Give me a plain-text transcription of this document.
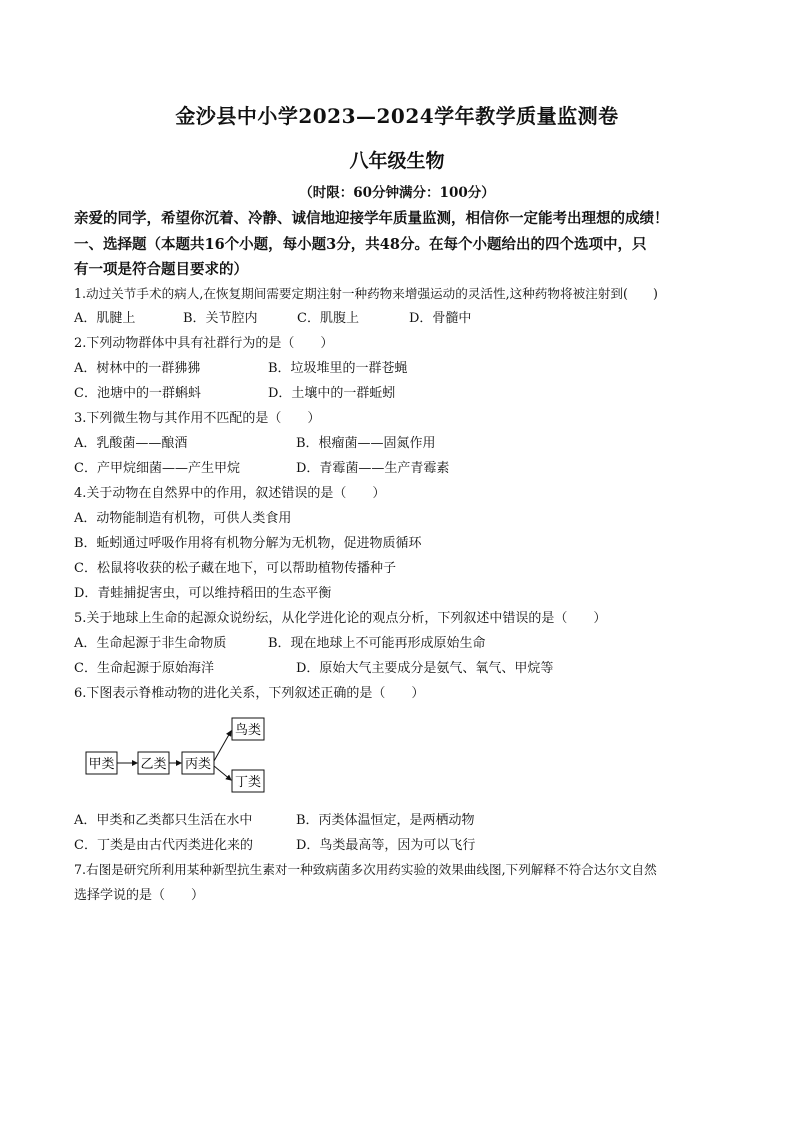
金沙县中小学2023—2024学年教学质量监测卷
八年级生物
（时限：60分钟满分：100分）
亲爱的同学，希望你沉着、冷静、诚信地迎接学年质量监测，相信你一定能考出理想的成绩！
一、选择题（本题共16个小题，每小题3分，共48分。在每个小题给出的四个选项中，只
有一项是符合题目要求的）
1.动过关节手术的病人,在恢复期间需要定期注射一种药物来增强运动的灵活性,这种药物将被注射到(　　)
A．肌腱上	B．关节腔内	C．肌腹上	D．骨髓中
2.下列动物群体中具有社群行为的是（　　）
A．树林中的一群狒狒	B．垃圾堆里的一群苍蝇
C．池塘中的一群蝌蚪	D．土壤中的一群蚯蚓
3.下列微生物与其作用不匹配的是（　　）
A．乳酸菌——酿酒	B．根瘤菌——固氮作用
C．产甲烷细菌——产生甲烷	D．青霉菌——生产青霉素
4.关于动物在自然界中的作用，叙述错误的是（　　）
A．动物能制造有机物，可供人类食用
B．蚯蚓通过呼吸作用将有机物分解为无机物，促进物质循环
C．松鼠将收获的松子藏在地下，可以帮助植物传播种子
D．青蛙捕捉害虫，可以维持稻田的生态平衡
5.关于地球上生命的起源众说纷纭，从化学进化论的观点分析，下列叙述中错误的是（　　）
A．生命起源于非生命物质	B．现在地球上不可能再形成原始生命
C．生命起源于原始海洋	D．原始大气主要成分是氨气、氧气、甲烷等
6.下图表示脊椎动物的进化关系，下列叙述正确的是（　　）
甲类 乙类 丙类
鸟类
丁类
A．甲类和乙类都只生活在水中	B．丙类体温恒定，是两栖动物
C．丁类是由古代丙类进化来的	D．鸟类最高等，因为可以飞行
7.右图是研究所利用某种新型抗生素对一种致病菌多次用药实验的效果曲线图,下列解释不符合达尔文自然
选择学说的是（　　）
